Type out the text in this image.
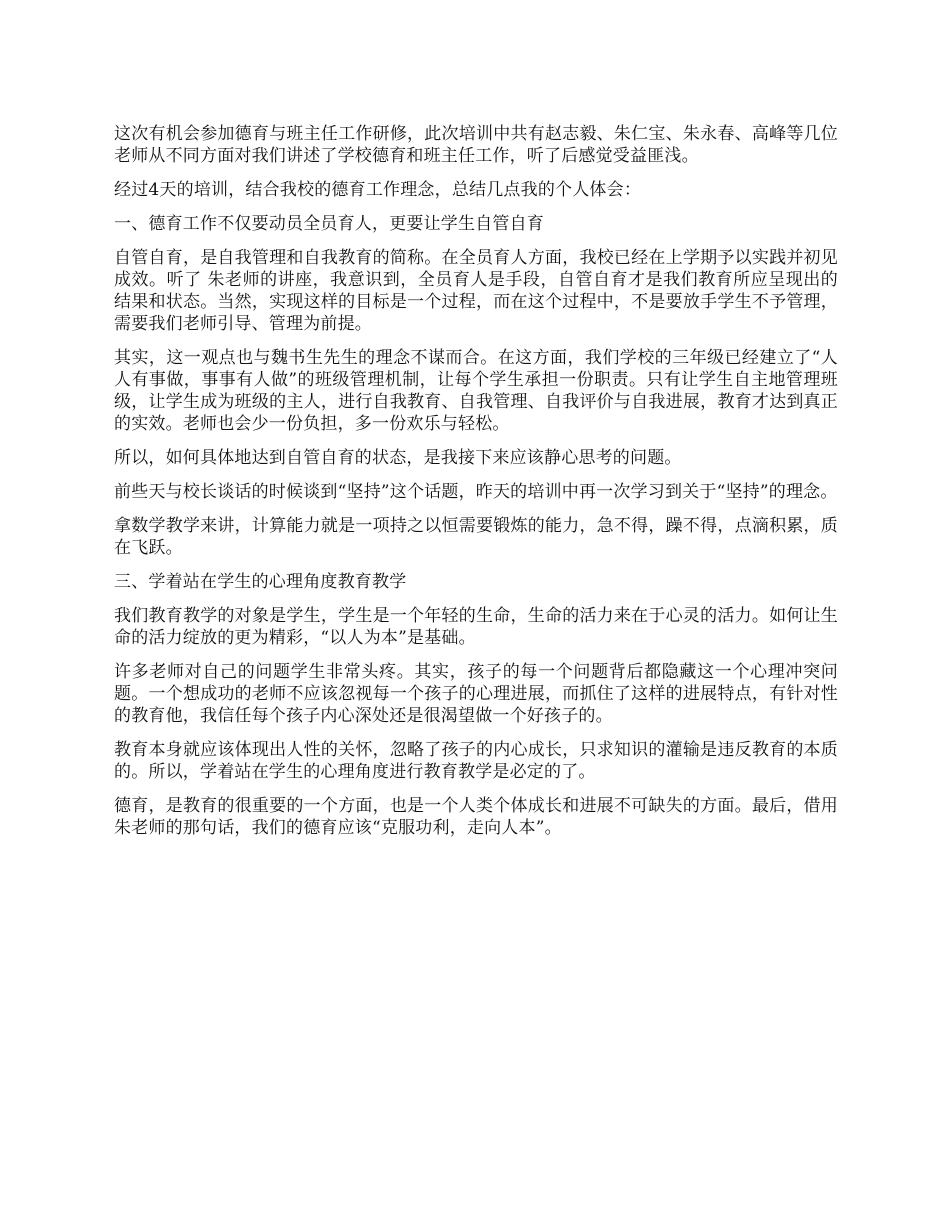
这次有机会参加德育与班主任工作研修，此次培训中共有赵志毅、朱仁宝、朱永春、高峰等几位老师从不同方面对我们讲述了学校德育和班主任工作，听了后感觉受益匪浅。

经过4天的培训，结合我校的德育工作理念，总结几点我的个人体会：

一、德育工作不仅要动员全员育人，更要让学生自管自育

自管自育，是自我管理和自我教育的简称。在全员育人方面，我校已经在上学期予以实践并初见成效。听了 朱老师的讲座，我意识到，全员育人是手段，自管自育才是我们教育所应呈现出的结果和状态。当然，实现这样的目标是一个过程，而在这个过程中，不是要放手学生不予管理，需要我们老师引导、管理为前提。

其实，这一观点也与魏书生先生的理念不谋而合。在这方面，我们学校的三年级已经建立了“人人有事做，事事有人做”的班级管理机制，让每个学生承担一份职责。只有让学生自主地管理班级，让学生成为班级的主人，进行自我教育、自我管理、自我评价与自我进展，教育才达到真正的实效。老师也会少一份负担，多一份欢乐与轻松。

所以，如何具体地达到自管自育的状态，是我接下来应该静心思考的问题。

前些天与校长谈话的时候谈到“坚持”这个话题，昨天的培训中再一次学习到关于“坚持”的理念。

拿数学教学来讲，计算能力就是一项持之以恒需要锻炼的能力，急不得，躁不得，点滴积累，质在飞跃。

三、学着站在学生的心理角度教育教学

我们教育教学的对象是学生，学生是一个年轻的生命，生命的活力来在于心灵的活力。如何让生命的活力绽放的更为精彩，“以人为本”是基础。

许多老师对自己的问题学生非常头疼。其实，孩子的每一个问题背后都隐藏这一个心理冲突问题。一个想成功的老师不应该忽视每一个孩子的心理进展，而抓住了这样的进展特点，有针对性的教育他，我信任每个孩子内心深处还是很渴望做一个好孩子的。

教育本身就应该体现出人性的关怀，忽略了孩子的内心成长，只求知识的灌输是违反教育的本质的。所以，学着站在学生的心理角度进行教育教学是必定的了。

德育，是教育的很重要的一个方面，也是一个人类个体成长和进展不可缺失的方面。最后，借用朱老师的那句话，我们的德育应该“克服功利，走向人本”。
